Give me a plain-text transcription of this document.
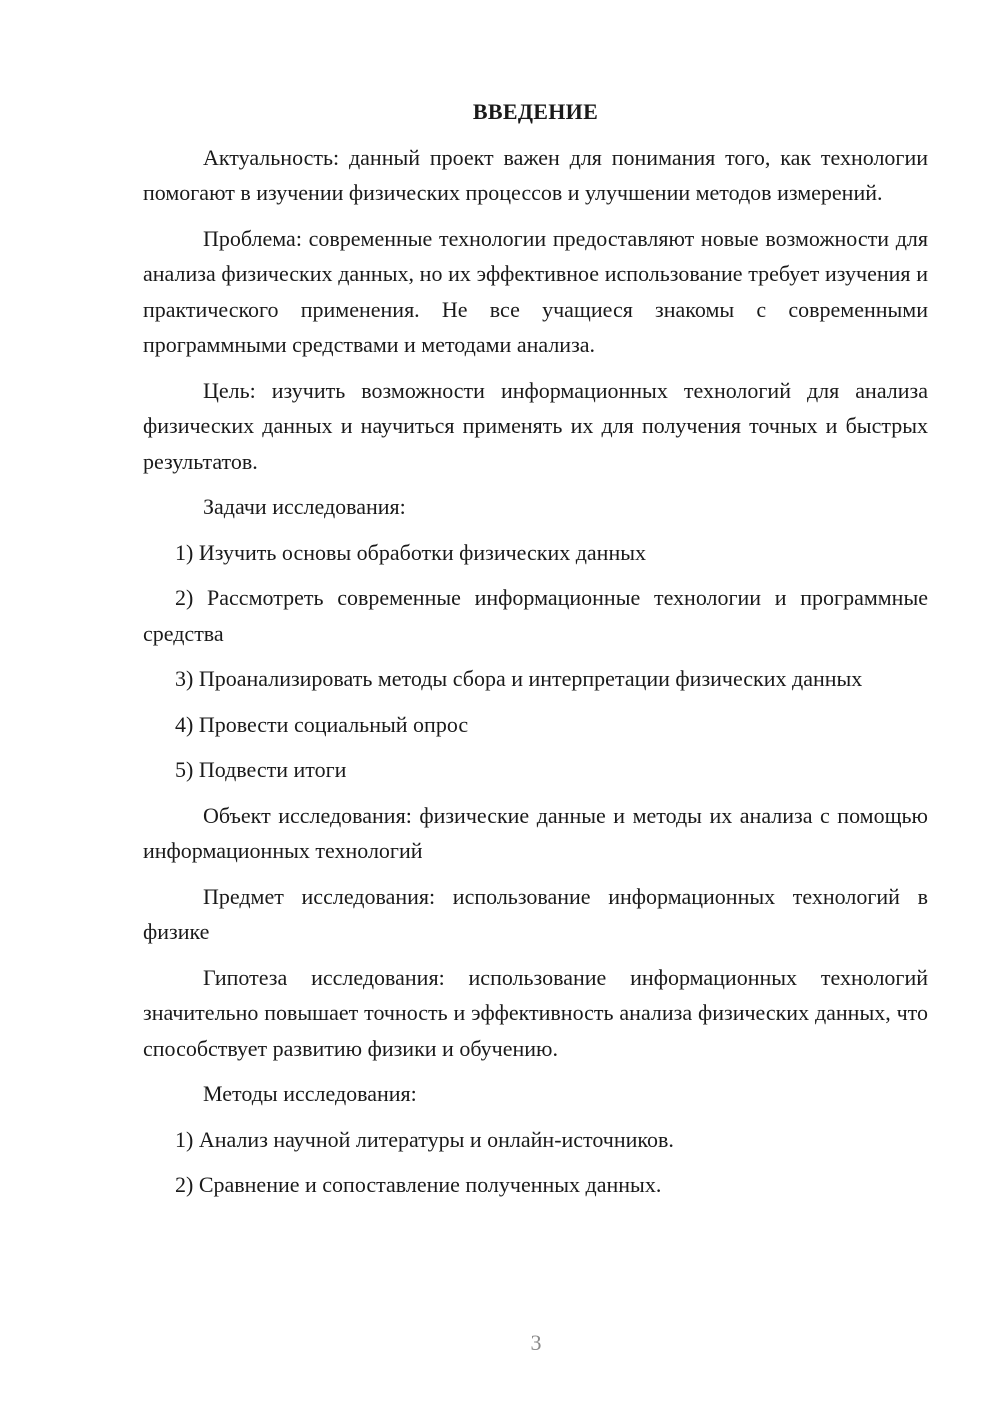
ВВЕДЕНИЕ

Актуальность: данный проект важен для понимания того, как технологии помогают в изучении физических процессов и улучшении методов измерений.

Проблема: современные технологии предоставляют новые возможности для анализа физических данных, но их эффективное использование требует изучения и практического применения. Не все учащиеся знакомы с современными программными средствами и методами анализа.

Цель: изучить возможности информационных технологий для анализа физических данных и научиться применять их для получения точных и быстрых результатов.

Задачи исследования:

1) Изучить основы обработки физических данных

2) Рассмотреть современные информационные технологии и программные средства

3) Проанализировать методы сбора и интерпретации физических данных

4) Провести социальный опрос

5) Подвести итоги

Объект исследования: физические данные и методы их анализа с помощью информационных технологий

Предмет исследования: использование информационных технологий в физике

Гипотеза исследования: использование информационных технологий значительно повышает точность и эффективность анализа физических данных, что способствует развитию физики и обучению.

Методы исследования:

1) Анализ научной литературы и онлайн-источников.

2) Сравнение и сопоставление полученных данных.

3
